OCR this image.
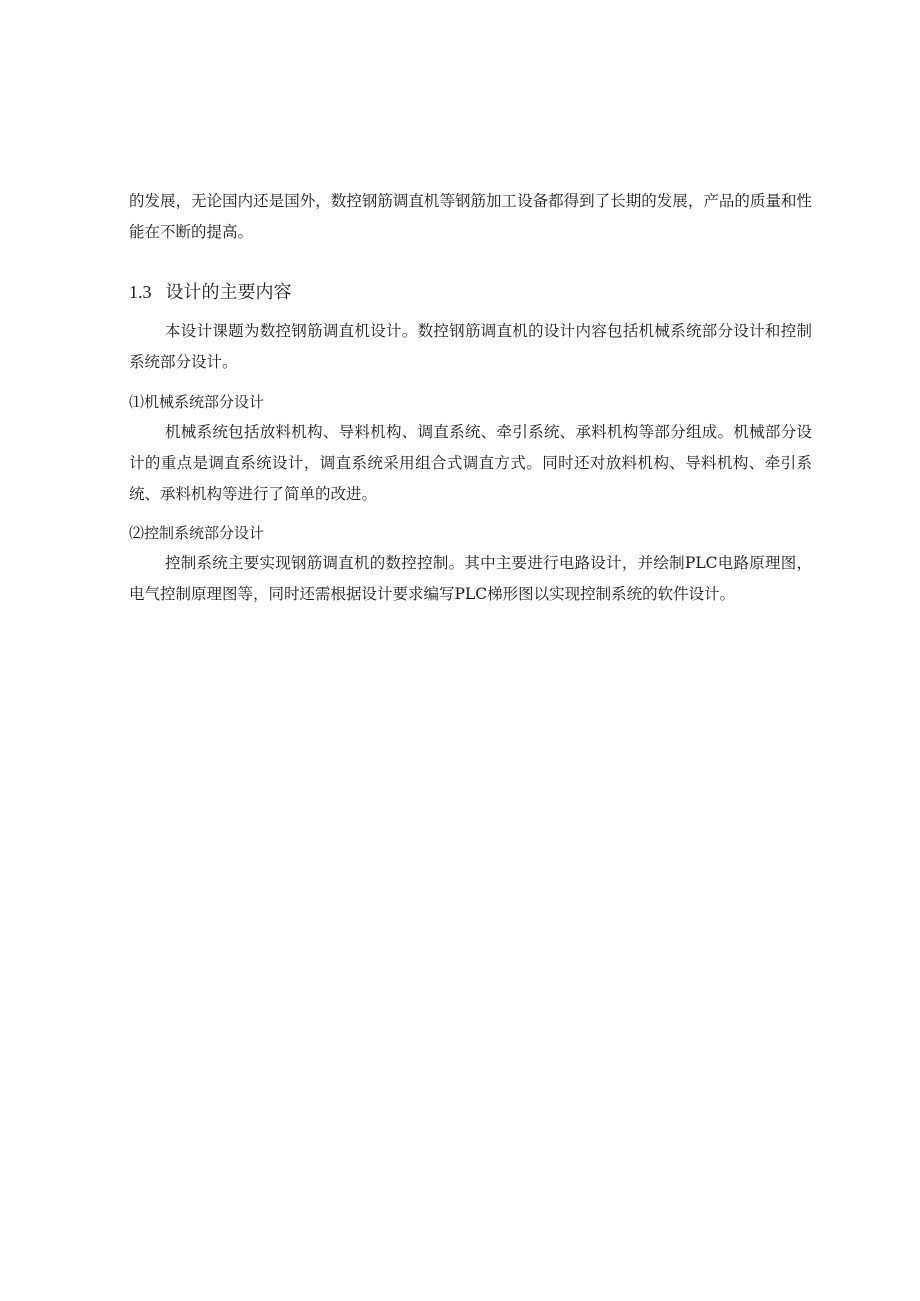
的发展，无论国内还是国外，数控钢筋调直机等钢筋加工设备都得到了长期的发展，产品的质量和性能在不断的提高。

1.3 设计的主要内容

本设计课题为数控钢筋调直机设计。数控钢筋调直机的设计内容包括机械系统部分设计和控制系统部分设计。

⑴机械系统部分设计

机械系统包括放料机构、导料机构、调直系统、牵引系统、承料机构等部分组成。机械部分设计的重点是调直系统设计，调直系统采用组合式调直方式。同时还对放料机构、导料机构、牵引系统、承料机构等进行了简单的改进。

⑵控制系统部分设计

控制系统主要实现钢筋调直机的数控控制。其中主要进行电路设计，并绘制PLC电路原理图，电气控制原理图等，同时还需根据设计要求编写PLC梯形图以实现控制系统的软件设计。
